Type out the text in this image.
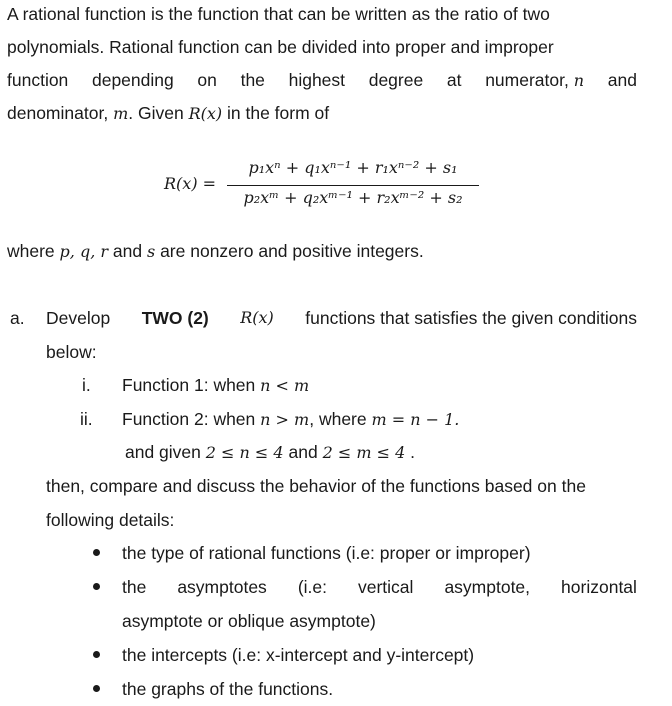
A rational function is the function that can be written as the ratio of two
polynomials. Rational function can be divided into proper and improper
function depending on the highest degree at numerator, n and
denominator, m. Given R(x) in the form of
R(x) =
p₁xⁿ + q₁xⁿ⁻¹ + r₁xⁿ⁻² + s₁
p₂xᵐ + q₂xᵐ⁻¹ + r₂xᵐ⁻² + s₂
where p, q, r and s are nonzero and positive integers.
a. Develop TWO (2) R(x) functions that satisfies the given conditions
below:
i. Function 1: when n < m
ii. Function 2: when n > m, where m = n − 1.
and given 2 ≤ n ≤ 4 and 2 ≤ m ≤ 4 .
then, compare and discuss the behavior of the functions based on the
following details:
the type of rational functions (i.e: proper or improper)
the asymptotes (i.e: vertical asymptote, horizontal
asymptote or oblique asymptote)
the intercepts (i.e: x-intercept and y-intercept)
the graphs of the functions.
